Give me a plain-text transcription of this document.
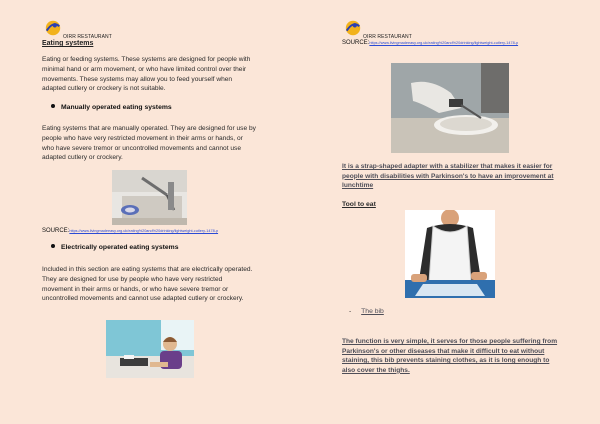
OIRR RESTAURANT
Eating systems
Eating or feeding systems. These systems are designed for people with minimal hand or arm movement, or who have limited control over their movements. These systems may allow you to feed yourself when adapted cutlery or crockery is not suitable.
Manually operated eating systems
Eating systems that are manually operated. They are designed for use by people who have very restricted movement in their arms or hands, or who have severe tremor or uncontrolled movements and cannot use adapted cutlery or crockery.
SOURCE:https://www.livingmadeeasy.org.uk/eating%20and%20drinking/lightweight-cutlery-1478-p
Electrically operated eating systems
Included in this section are eating systems that are electrically operated. They are designed for use by people who have very restricted movement in their arms or hands, or who have severe tremor or uncontrolled movements and cannot use adapted cutlery or crockery.
OIRR RESTAURANT
SOURCE:https://www.livingmadeeasy.org.uk/eating%20and%20drinking/lightweight-cutlery-1478-p
It is a strap-shaped adapter with a stabilizer that makes it easier for people with disabilities with Parkinson's to have an improvement at lunchtime
Tool to eat
- The bib
The function is very simple, it serves for those people suffering from Parkinson's or other diseases that make it difficult to eat without staining, this bib prevents staining clothes, as it is long enough to also cover the thighs.
